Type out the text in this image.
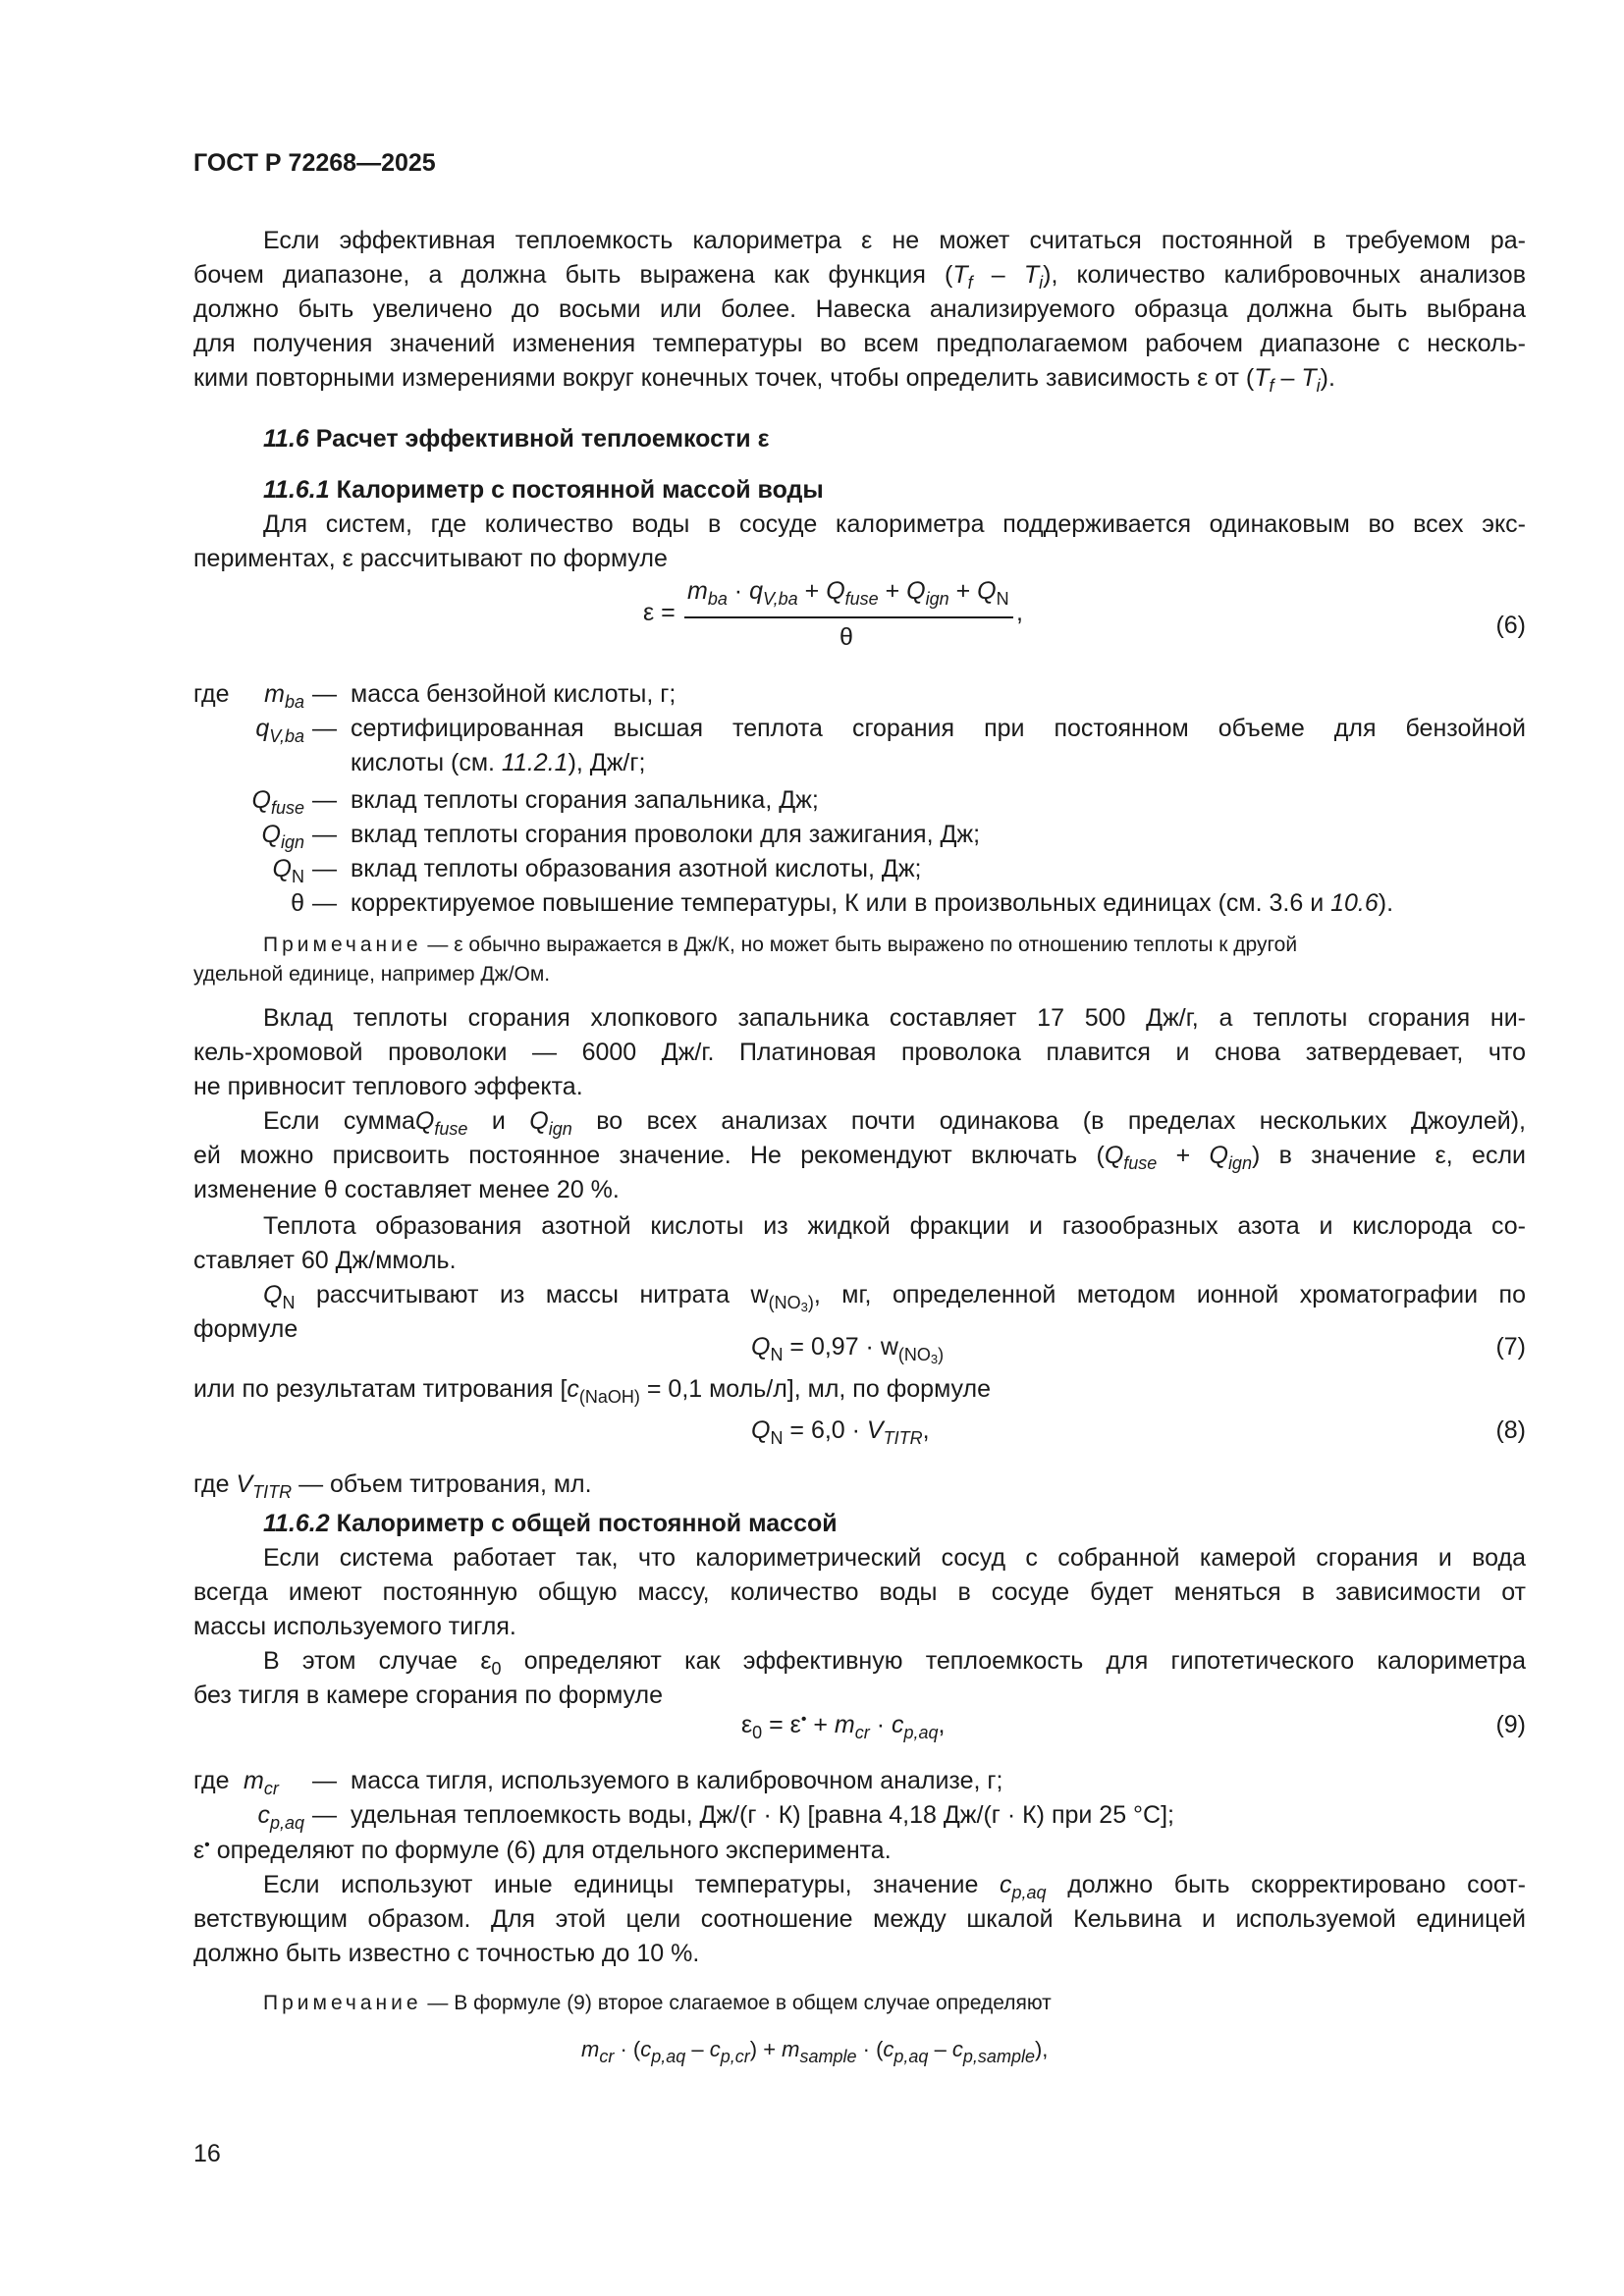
ГОСТ Р 72268—2025
Если эффективная теплоемкость калориметра ε не может считаться постоянной в требуемом ра-
бочем диапазоне, а должна быть выражена как функция $(T_f - T_i)$, количество калибровочных анализов
должно быть увеличено до восьми или более. Навеска анализируемого образца должна быть выбрана
для получения значений изменения температуры во всем предполагаемом рабочем диапазоне с несколь-
кими повторными измерениями вокруг конечных точек, чтобы определить зависимость ε от $(T_f - T_i)$.
11.6 Расчет эффективной теплоемкости ε
11.6.1 Калориметр с постоянной массой воды
Для систем, где количество воды в сосуде калориметра поддерживается одинаковым во всех экс-
периментах, ε рассчитывают по формуле
ε =
$m_{ba} \cdot q_{V,ba} + Q_{fuse} + Q_{ign} + Q_N$
θ
,	(6)
где	$m_{ba}$ — масса бензойной кислоты, г;
$q_{V,ba}$ — сертифицированная высшая теплота сгорания при постоянном объеме для бензойной
кислоты (см. 11.2.1), Дж/г;
$Q_{fuse}$ — вклад теплоты сгорания запальника, Дж;
$Q_{ign}$ — вклад теплоты сгорания проволоки для зажигания, Дж;
$Q_N$ — вклад теплоты образования азотной кислоты, Дж;
θ — корректируемое повышение температуры, К или в произвольных единицах (см. 3.6 и 10.6).
Примечание — ε обычно выражается в Дж/К, но может быть выражено по отношению теплоты к другой
удельной единице, например Дж/Ом.
Вклад теплоты сгорания хлопкового запальника составляет 17 500 Дж/г, а теплоты сгорания ни-
кель-хромовой проволоки — 6000 Дж/г. Платиновая проволока плавится и снова затвердевает, что
не привносит теплового эффекта.
Если суммаQ$_{fuse}$ и $Q_{ign}$ во всех анализах почти одинакова (в пределах нескольких Джоулей),
ей можно присвоить постоянное значение. Не рекомендуют включать $(Q_{fuse} + Q_{ign})$ в значение ε, если
изменение θ составляет менее 20 %.
Теплота образования азотной кислоты из жидкой фракции и газообразных азота и кислорода со-
ставляет 60 Дж/ммоль.
$Q_N$ рассчитывают из массы нитрата $w_{(NO_3)}$, мг, определенной методом ионной хроматографии по
формуле
$Q_N = 0,97 \cdot w_{(NO_3)}$	(7)
или по результатам титрования [$c_{(NaOH)} = 0,1$ моль/л], мл, по формуле
$Q_N = 6,0 \cdot V_{TITR}$,	(8)
где $V_{TITR}$ — объем титрования, мл.
11.6.2 Калориметр с общей постоянной массой
Если система работает так, что калориметрический сосуд с собранной камерой сгорания и вода
всегда имеют постоянную общую массу, количество воды в сосуде будет меняться в зависимости от
массы используемого тигля.
В этом случае $\varepsilon_0$ определяют как эффективную теплоемкость для гипотетического калориметра
без тигля в камере сгорания по формуле
$\varepsilon_0 = \varepsilon^• + m_{cr} \cdot c_{p,aq}$,	(9)
где $m_{cr}$	— масса тигля, используемого в калибровочном анализе, г;
$c_{p,aq}$ — удельная теплоемкость воды, Дж/(г · К) [равна 4,18 Дж/(г · К) при 25 °С];
ε• определяют по формуле (6) для отдельного эксперимента.
Если используют иные единицы температуры, значение $c_{p,aq}$ должно быть скорректировано соот-
ветствующим образом. Для этой цели соотношение между шкалой Кельвина и используемой единицей
должно быть известно с точностью до 10 %.
Примечание — В формуле (9) второе слагаемое в общем случае определяют
$m_{cr} \cdot (c_{p,aq} - c_{p,cr}) + m_{sample} \cdot (c_{p,aq} - c_{p,sample})$,
16
